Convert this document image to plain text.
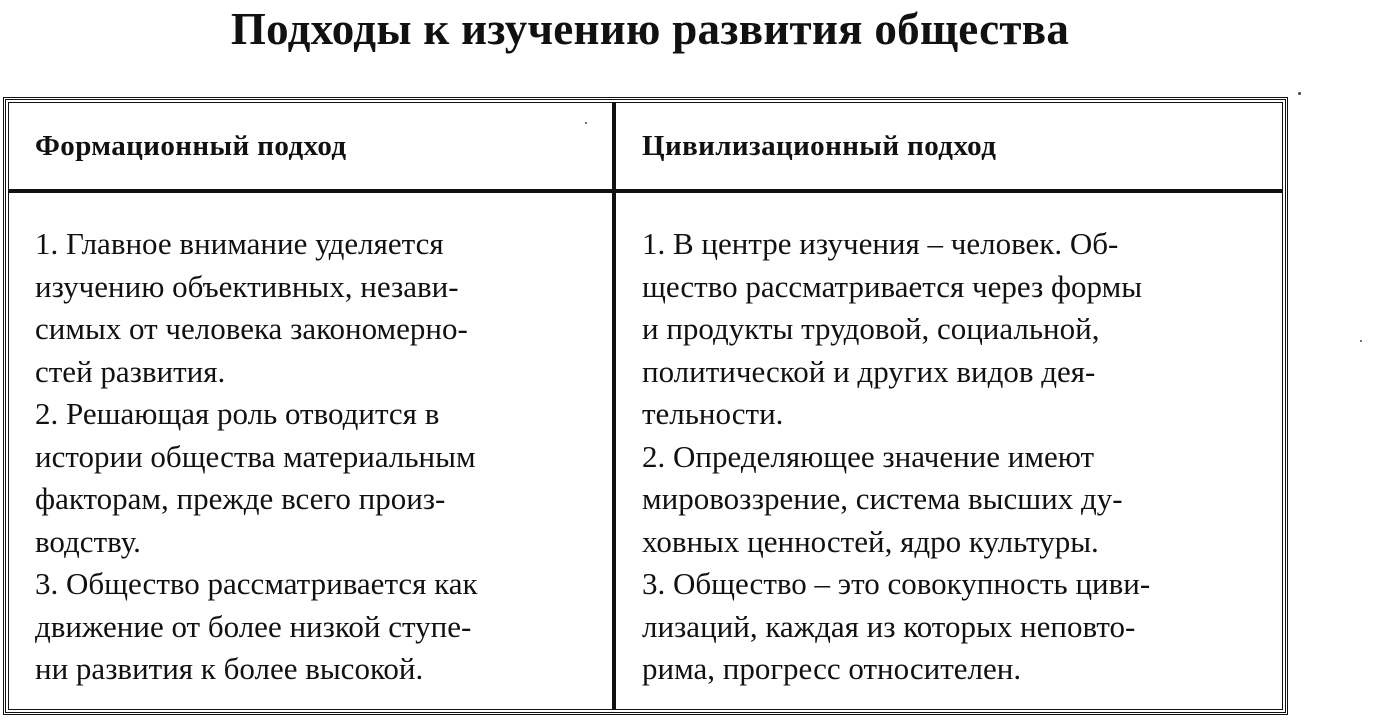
Подходы к изучению развития общества
Формационный подход	Цивилизационный подход
1. Главное внимание уделяется
изучению объективных, незави-
симых от человека закономерно-
стей развития.
2. Решающая роль отводится в
истории общества материальным
факторам, прежде всего произ-
водству.
3. Общество рассматривается как
движение от более низкой ступе-
ни развития к более высокой.
1. В центре изучения – человек. Об-
щество рассматривается через формы
и продукты трудовой, социальной,
политической и других видов дея-
тельности.
2. Определяющее значение имеют
мировоззрение, система высших ду-
ховных ценностей, ядро культуры.
3. Общество – это совокупность циви-
лизаций, каждая из которых неповто-
рима, прогресс относителен.
